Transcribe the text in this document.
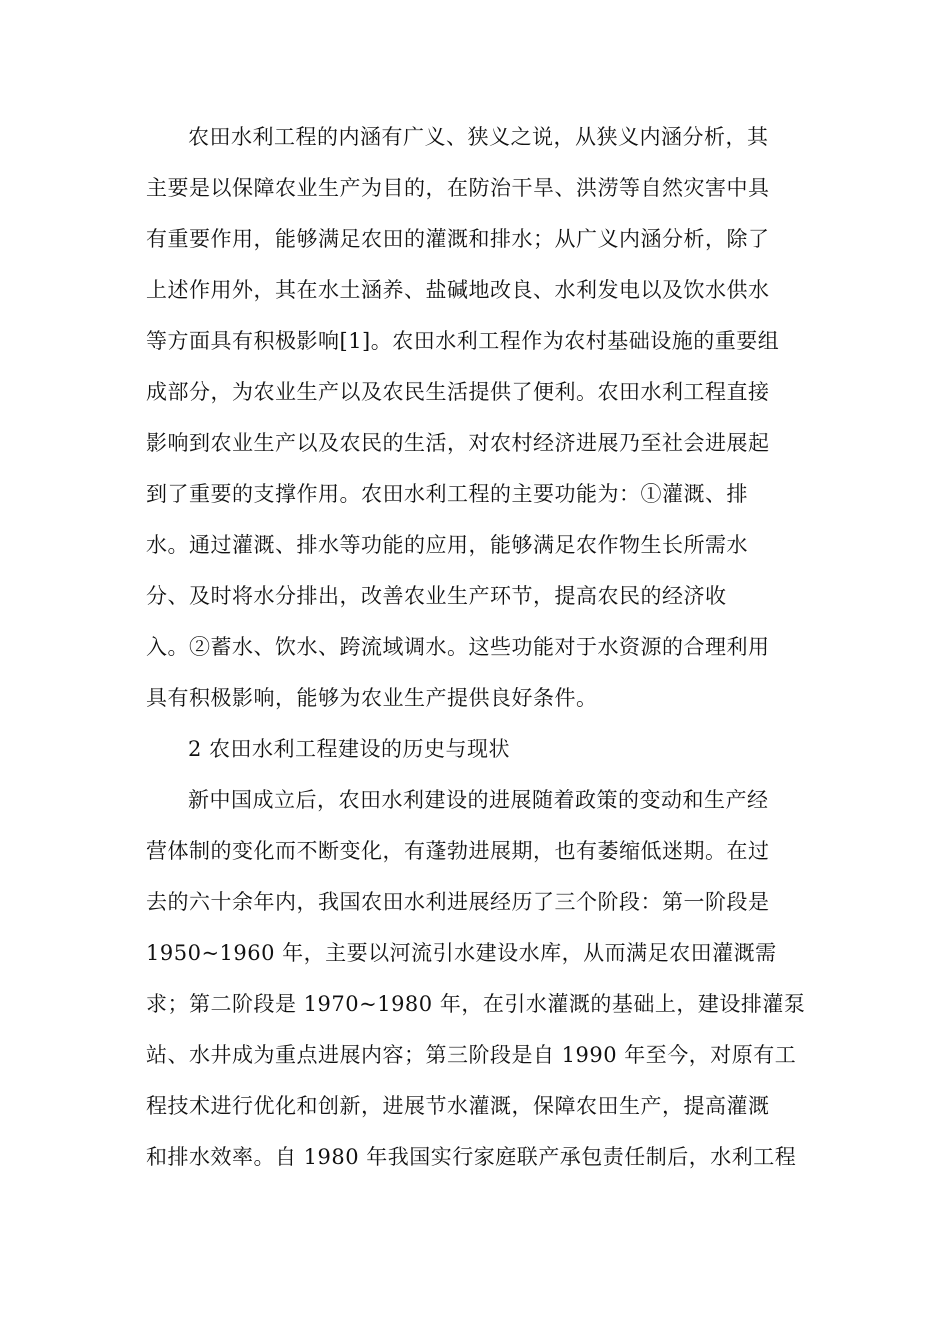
农田水利工程的内涵有广义、狭义之说，从狭义内涵分析，其
主要是以保障农业生产为目的，在防治干旱、洪涝等自然灾害中具
有重要作用，能够满足农田的灌溉和排水；从广义内涵分析，除了
上述作用外，其在水土涵养、盐碱地改良、水利发电以及饮水供水
等方面具有积极影响[1]。农田水利工程作为农村基础设施的重要组
成部分，为农业生产以及农民生活提供了便利。农田水利工程直接
影响到农业生产以及农民的生活，对农村经济进展乃至社会进展起
到了重要的支撑作用。农田水利工程的主要功能为：①灌溉、排
水。通过灌溉、排水等功能的应用，能够满足农作物生长所需水
分、及时将水分排出，改善农业生产环节，提高农民的经济收
入。②蓄水、饮水、跨流域调水。这些功能对于水资源的合理利用
具有积极影响，能够为农业生产提供良好条件。
2 农田水利工程建设的历史与现状
新中国成立后，农田水利建设的进展随着政策的变动和生产经
营体制的变化而不断变化，有蓬勃进展期，也有萎缩低迷期。在过
去的六十余年内，我国农田水利进展经历了三个阶段：第一阶段是
1950~1960 年，主要以河流引水建设水库，从而满足农田灌溉需
求；第二阶段是 1970~1980 年，在引水灌溉的基础上，建设排灌泵
站、水井成为重点进展内容；第三阶段是自 1990 年至今，对原有工
程技术进行优化和创新，进展节水灌溉，保障农田生产，提高灌溉
和排水效率。自 1980 年我国实行家庭联产承包责任制后，水利工程
